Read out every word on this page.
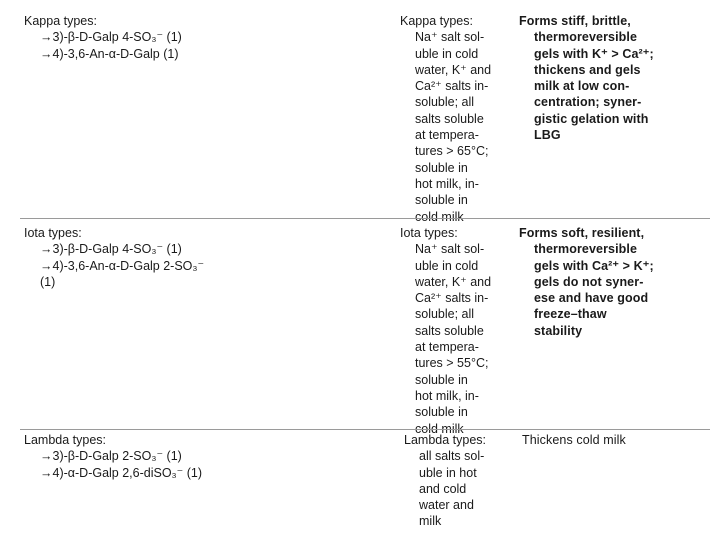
Kappa types:
→3)-β-D-Galp 4-SO₃⁻ (1)
→4)-3,6-An-α-D-Galp (1)
Kappa types:
Na⁺ salt sol-
uble in cold
water, K⁺ and
Ca²⁺ salts in-
soluble; all
salts soluble
at tempera-
tures > 65°C;
soluble in
hot milk, in-
soluble in
cold milk
Forms stiff, brittle,
thermoreversible
gels with K⁺ > Ca²⁺;
thickens and gels
milk at low con-
centration; syner-
gistic gelation with
LBG
Iota types:
→3)-β-D-Galp 4-SO₃⁻ (1)
→4)-3,6-An-α-D-Galp 2-SO₃⁻
(1)
Iota types:
Na⁺ salt sol-
uble in cold
water, K⁺ and
Ca²⁺ salts in-
soluble; all
salts soluble
at tempera-
tures > 55°C;
soluble in
hot milk, in-
soluble in
cold milk
Forms soft, resilient,
thermoreversible
gels with Ca²⁺ > K⁺;
gels do not syner-
ese and have good
freeze–thaw
stability
Lambda types:
→3)-β-D-Galp 2-SO₃⁻ (1)
→4)-α-D-Galp 2,6-diSO₃⁻ (1)
Lambda types:
all salts sol-
uble in hot
and cold
water and
milk
Thickens cold milk
